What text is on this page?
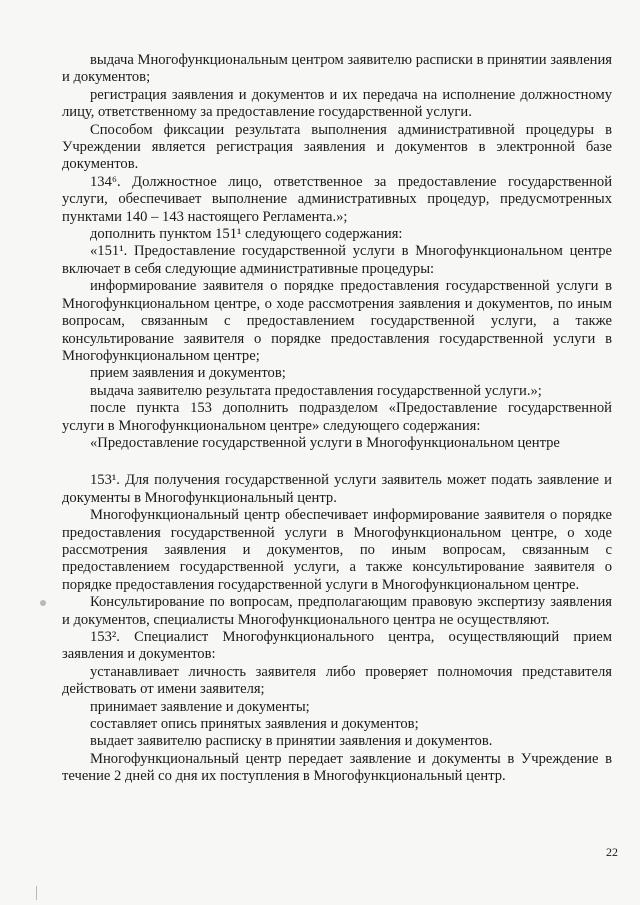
выдача Многофункциональным центром заявителю расписки в принятии заявления и документов;

регистрация заявления и документов и их передача на исполнение должностному лицу, ответственному за предоставление государственной услуги.

Способом фиксации результата выполнения административной процедуры в Учреждении является регистрация заявления и документов в электронной базе документов.

134⁶. Должностное лицо, ответственное за предоставление государственной услуги, обеспечивает выполнение административных процедур, предусмотренных пунктами 140 – 143 настоящего Регламента.»;

дополнить пунктом 151¹ следующего содержания:

«151¹. Предоставление государственной услуги в Многофункциональном центре включает в себя следующие административные процедуры:

информирование заявителя о порядке предоставления государственной услуги в Многофункциональном центре, о ходе рассмотрения заявления и документов, по иным вопросам, связанным с предоставлением государственной услуги, а также консультирование заявителя о порядке предоставления государственной услуги в Многофункциональном центре;

прием заявления и документов;

выдача заявителю результата предоставления государственной услуги.»;

после пункта 153 дополнить подразделом «Предоставление государственной услуги в Многофункциональном центре» следующего содержания:

«Предоставление государственной услуги в Многофункциональном центре

153¹. Для получения государственной услуги заявитель может подать заявление и документы в Многофункциональный центр.

Многофункциональный центр обеспечивает информирование заявителя о порядке предоставления государственной услуги в Многофункциональном центре, о ходе рассмотрения заявления и документов, по иным вопросам, связанным с предоставлением государственной услуги, а также консультирование заявителя о порядке предоставления государственной услуги в Многофункциональном центре.

Консультирование по вопросам, предполагающим правовую экспертизу заявления и документов, специалисты Многофункционального центра не осуществляют.

153². Специалист Многофункционального центра, осуществляющий прием заявления и документов:

устанавливает личность заявителя либо проверяет полномочия представителя действовать от имени заявителя;

принимает заявление и документы;

составляет опись принятых заявления и документов;

выдает заявителю расписку в принятии заявления и документов.

Многофункциональный центр передает заявление и документы в Учреждение в течение 2 дней со дня их поступления в Многофункциональный центр.

22
